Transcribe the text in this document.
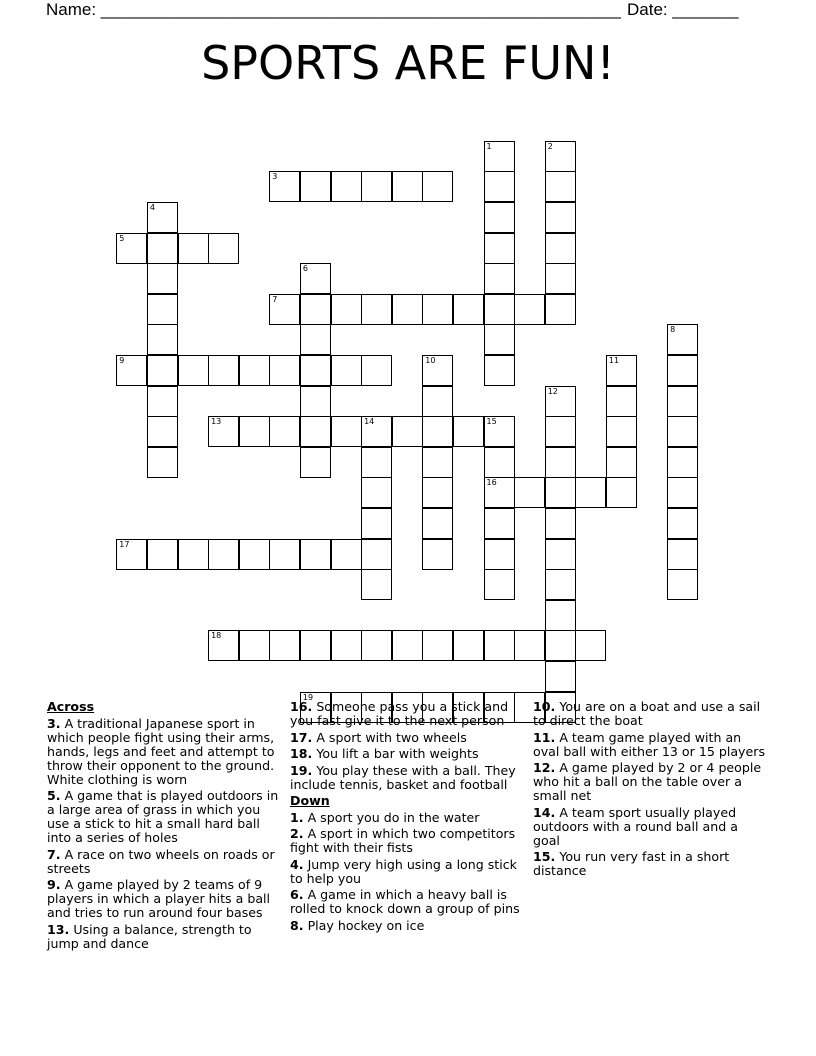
Name: _______________________________________________________ Date: _______
SPORTS ARE FUN!
1	2
3
4
5
6
7
8
9	10	11
12
13	14	15
16
17
18
19

Across

3. A traditional Japanese sport in which people fight using their arms, hands, legs and feet and attempt to throw their opponent to the ground. White clothing is worn

5. A game that is played outdoors in a large area of grass in which you use a stick to hit a small hard ball into a series of holes

7. A race on two wheels on roads or streets

9. A game played by 2 teams of 9 players in which a player hits a ball and tries to run around four bases

13. Using a balance, strength to jump and dance

16. Someone pass you a stick and you fast give it to the next person

17. A sport with two wheels

18. You lift a bar with weights

19. You play these with a ball. They include tennis, basket and football

Down

1. A sport you do in the water

2. A sport in which two competitors fight with their fists

4. Jump very high using a long stick to help you

6. A game in which a heavy ball is rolled to knock down a group of pins

8. Play hockey on ice

10. You are on a boat and use a sail to direct the boat

11. A team game played with an oval ball with either 13 or 15 players

12. A game played by 2 or 4 people who hit a ball on the table over a small net

14. A team sport usually played outdoors with a round ball and a goal

15. You run very fast in a short distance
